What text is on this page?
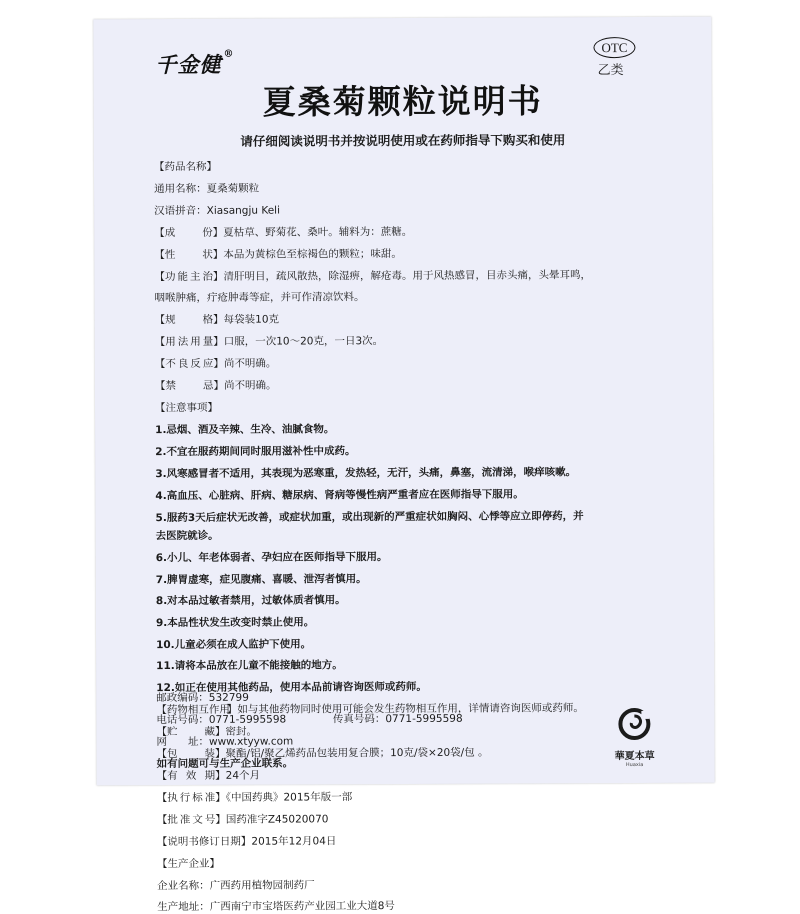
千金健 ®	OTC
乙类
夏桑菊颗粒说明书
请仔细阅读说明书并按说明使用或在药师指导下购买和使用
【药品名称】
通用名称：夏桑菊颗粒
汉语拼音：Xiasangju Keli
【成　　份】夏枯草、野菊花、桑叶。辅料为：蔗糖。
【性　　状】本品为黄棕色至棕褐色的颗粒；味甜。
【功能主治】清肝明目，疏风散热，除湿痹，解疮毒。用于风热感冒，目赤头痛，头晕耳鸣，
咽喉肿痛，疔疮肿毒等症，并可作清凉饮料。
【规　　格】每袋装10克
【用法用量】口服，一次10～20克，一日3次。
【不良反应】尚不明确。
【禁　　忌】尚不明确。
【注意事项】
1.忌烟、酒及辛辣、生冷、油腻食物。
2.不宜在服药期间同时服用滋补性中成药。
3.风寒感冒者不适用，其表现为恶寒重，发热轻，无汗，头痛，鼻塞，流清涕，喉痒咳嗽。
4.高血压、心脏病、肝病、糖尿病、肾病等慢性病严重者应在医师指导下服用。
5.服药3天后症状无改善，或症状加重，或出现新的严重症状如胸闷、心悸等应立即停药，并
去医院就诊。
6.小儿、年老体弱者、孕妇应在医师指导下服用。
7.脾胃虚寒，症见腹痛、喜暖、泄泻者慎用。
8.对本品过敏者禁用，过敏体质者慎用。
9.本品性状发生改变时禁止使用。
10.儿童必须在成人监护下使用。
11.请将本品放在儿童不能接触的地方。
12.如正在使用其他药品，使用本品前请咨询医师或药师。
【药物相互作用】如与其他药物同时使用可能会发生药物相互作用，详情请咨询医师或药师。
【贮　　藏】密封。
【包　　装】聚酯/铝/聚乙烯药品包装用复合膜；10克/袋×20袋/包 。
【有 效 期】24个月
【执行标准】《中国药典》2015年版一部
【批准文号】国药准字Z45020070
【说明书修订日期】2015年12月04日
【生产企业】
企业名称：广西药用植物园制药厂
生产地址：广西南宁市宝塔医药产业园工业大道8号
邮政编码：532799
电话号码：0771-5995598	传真号码：0771-5995598
网　　址：www.xtyyw.com
如有问题可与生产企业联系。
華夏本草
Huaxia
